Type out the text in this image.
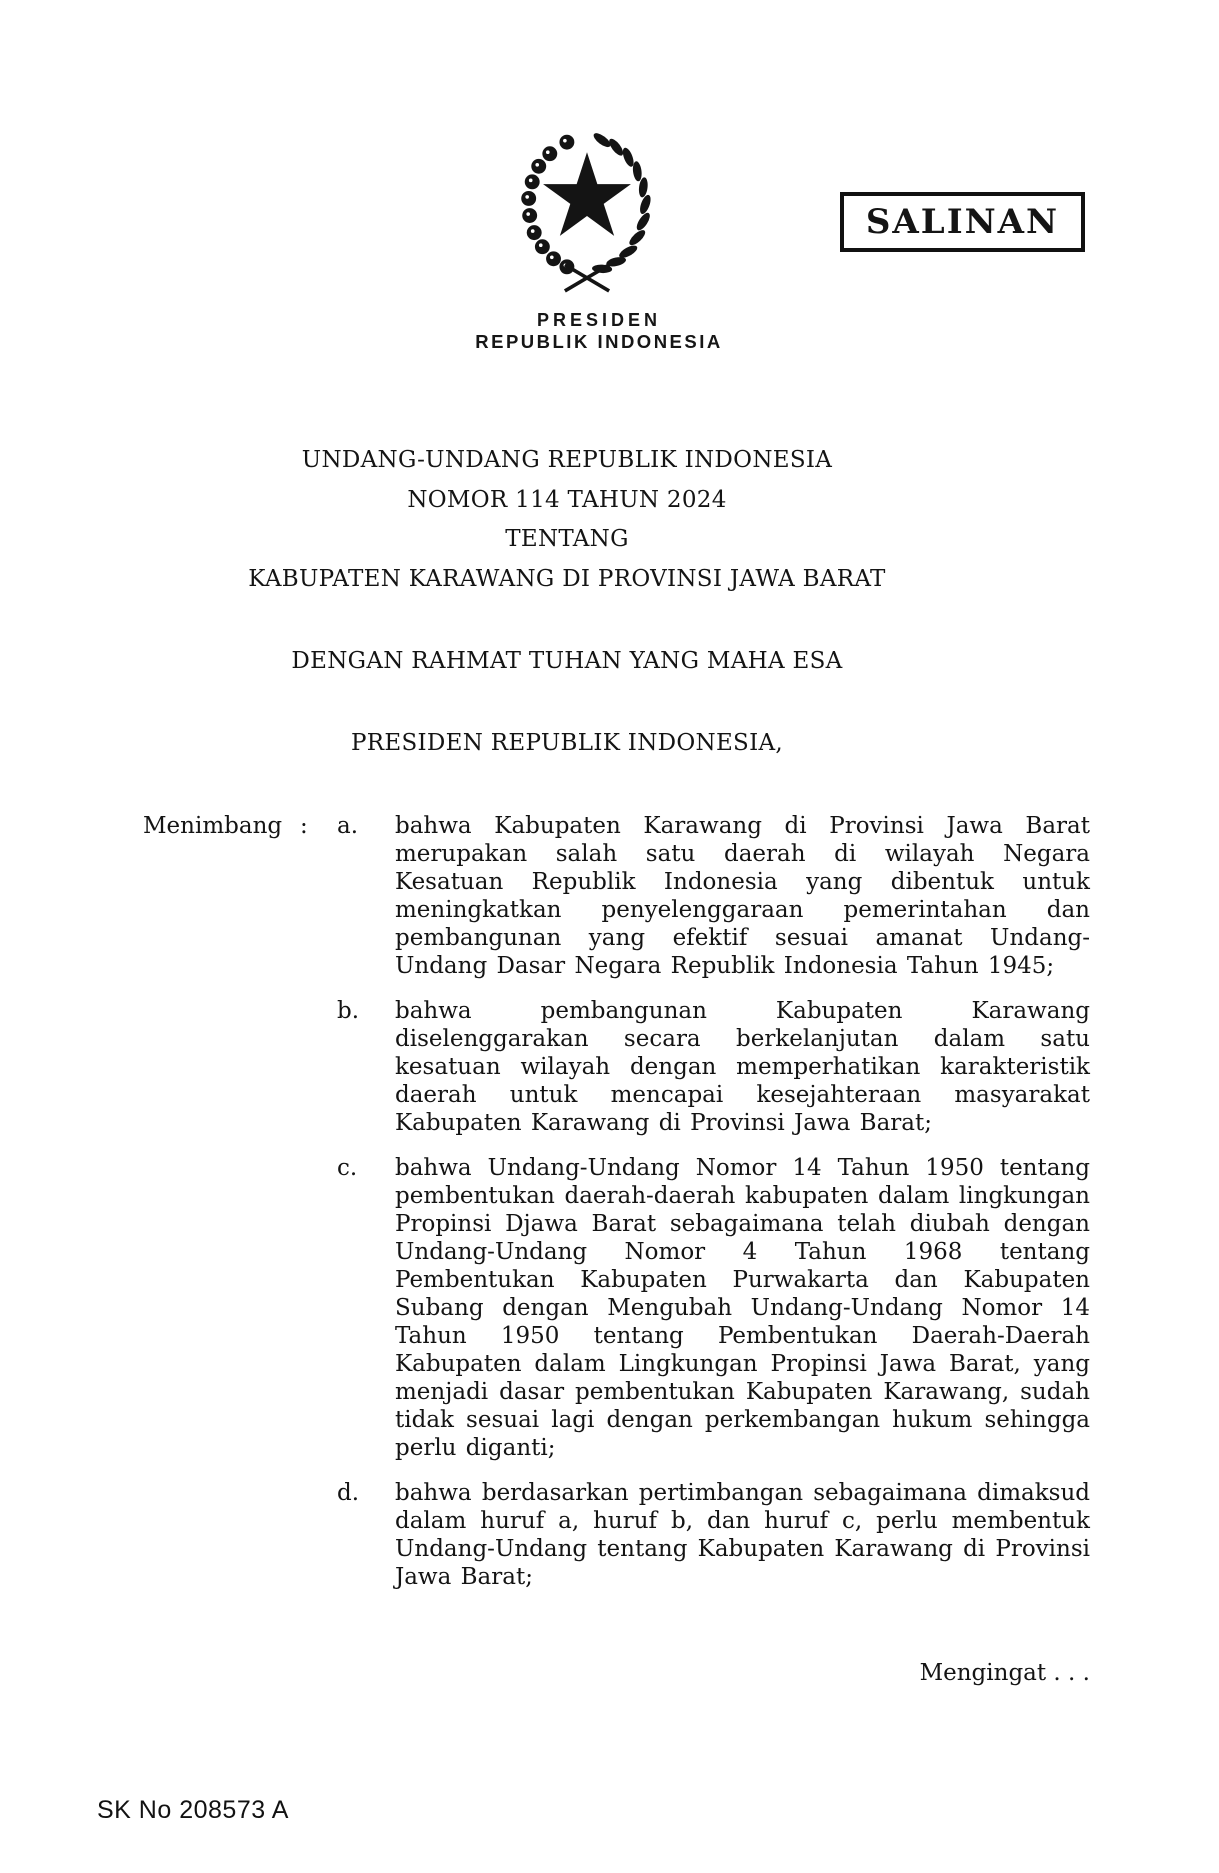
PRESIDEN
REPUBLIK INDONESIA
SALINAN
UNDANG-UNDANG REPUBLIK INDONESIA
NOMOR 114 TAHUN 2024
TENTANG
KABUPATEN KARAWANG DI PROVINSI JAWA BARAT
DENGAN RAHMAT TUHAN YANG MAHA ESA
PRESIDEN REPUBLIK INDONESIA,
Menimbang :	a.	bahwa Kabupaten Karawang di Provinsi Jawa Barat merupakan salah satu daerah di wilayah Negara Kesatuan Republik Indonesia yang dibentuk untuk meningkatkan penyelenggaraan pemerintahan dan pembangunan yang efektif sesuai amanat Undang-Undang Dasar Negara Republik Indonesia Tahun 1945;
b.	bahwa pembangunan Kabupaten Karawang diselenggarakan secara berkelanjutan dalam satu kesatuan wilayah dengan memperhatikan karakteristik daerah untuk mencapai kesejahteraan masyarakat Kabupaten Karawang di Provinsi Jawa Barat;
c.	bahwa Undang-Undang Nomor 14 Tahun 1950 tentang pembentukan daerah-daerah kabupaten dalam lingkungan Propinsi Djawa Barat sebagaimana telah diubah dengan Undang-Undang Nomor 4 Tahun 1968 tentang Pembentukan Kabupaten Purwakarta dan Kabupaten Subang dengan Mengubah Undang-Undang Nomor 14 Tahun 1950 tentang Pembentukan Daerah-Daerah Kabupaten dalam Lingkungan Propinsi Jawa Barat, yang menjadi dasar pembentukan Kabupaten Karawang, sudah tidak sesuai lagi dengan perkembangan hukum sehingga perlu diganti;
d.	bahwa berdasarkan pertimbangan sebagaimana dimaksud dalam huruf a, huruf b, dan huruf c, perlu membentuk Undang-Undang tentang Kabupaten Karawang di Provinsi Jawa Barat;
Mengingat . . .
SK No 208573 A
